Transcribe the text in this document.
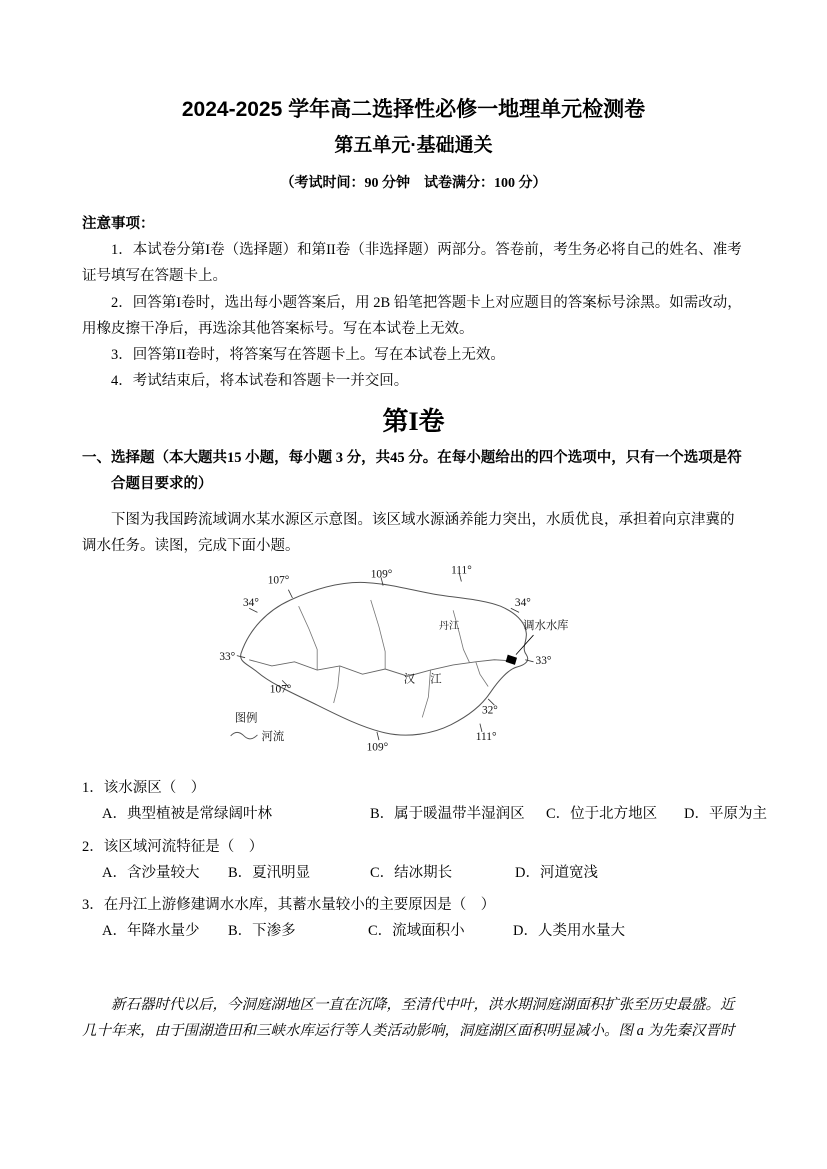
2024-2025 学年高二选择性必修一地理单元检测卷
第五单元·基础通关
（考试时间：90 分钟　试卷满分：100 分）
注意事项：

1．本试卷分第I卷（选择题）和第II卷（非选择题）两部分。答卷前，考生务必将自己的姓名、准考证号填写在答题卡上。

2．回答第I卷时，选出每小题答案后，用 2B 铅笔把答题卡上对应题目的答案标号涂黑。如需改动，用橡皮擦干净后，再选涂其他答案标号。写在本试卷上无效。

3．回答第II卷时，将答案写在答题卡上。写在本试卷上无效。

4．考试结束后，将本试卷和答题卡一并交回。

第I卷

一、选择题（本大题共15 小题，每小题 3 分，共45 分。在每小题给出的四个选项中，只有一个选项是符合题目要求的）

下图为我国跨流域调水某水源区示意图。该区域水源涵养能力突出，水质优良，承担着向京津冀的调水任务。读图，完成下面小题。

107°
109°	111°
34°	34°
33°	33°
107°
32°
109°
111°
汉 江
丹江	调水水库
图例
河流

1．该水源区（　）

A．典型植被是常绿阔叶林	B．属于暖温带半湿润区	C．位于北方地区	D．平原为主

2．该区域河流特征是（　）

A．含沙量较大	B．夏汛明显	C．结冰期长	D．河道宽浅

3．在丹江上游修建调水水库，其蓄水量较小的主要原因是（　）

A．年降水量少	B．下渗多	C．流域面积小	D．人类用水量大

新石器时代以后，今洞庭湖地区一直在沉降，至清代中叶，洪水期洞庭湖面积扩张至历史最盛。近几十年来，由于围湖造田和三峡水库运行等人类活动影响，洞庭湖区面积明显减小。图 a 为先秦汉晋时
